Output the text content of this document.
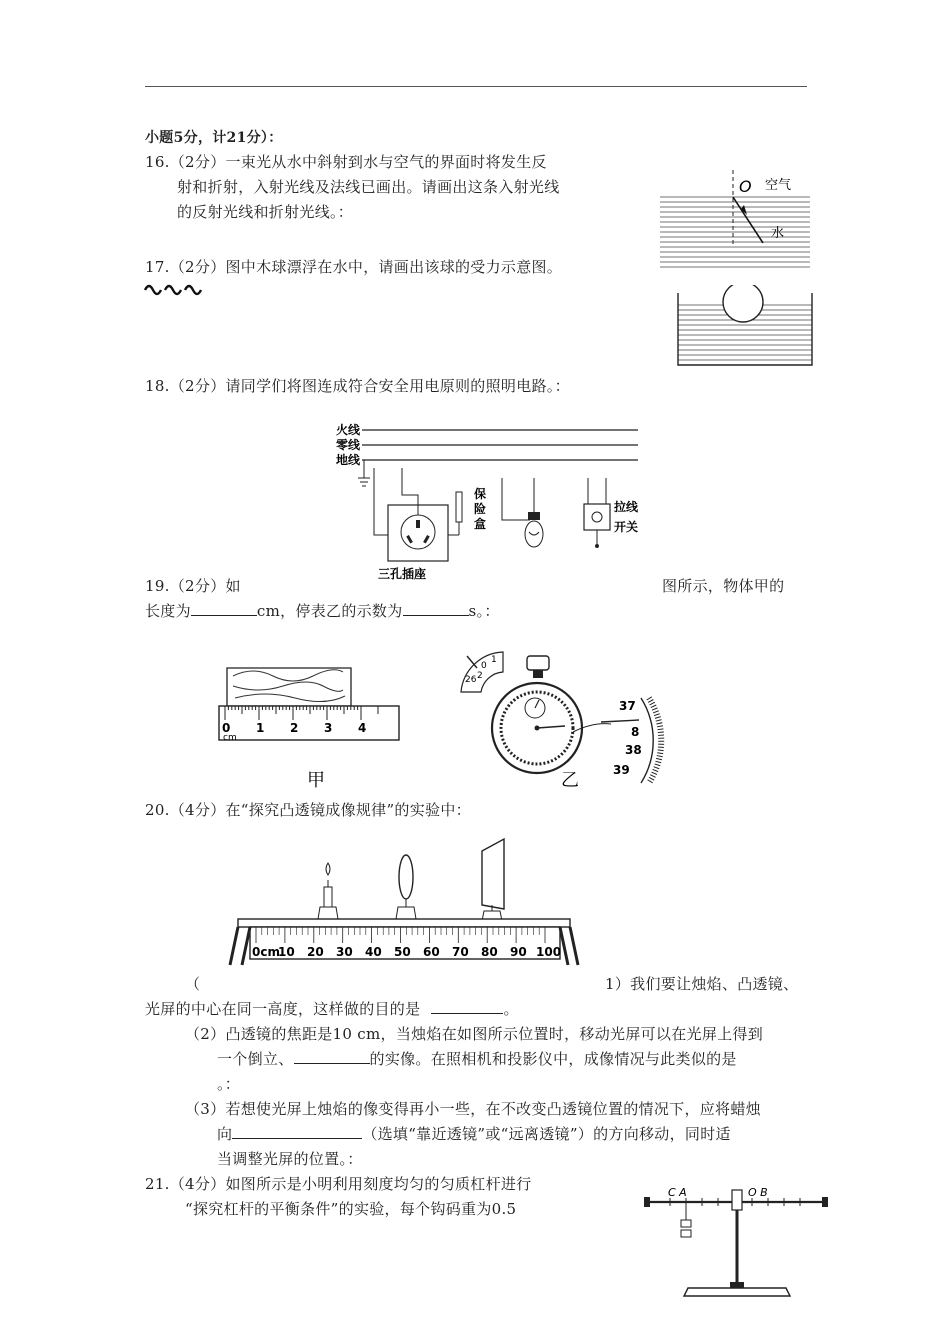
小题5分，计21分）：
16.（2分）一束光从水中斜射到水与空气的界面时将发生反
射和折射，入射光线及法线已画出。请画出这条入射光线
的反射光线和折射光线。：
O 空气
水
17.（2分）图中木球漂浮在水中，请画出该球的受力示意图。
18.（2分）请同学们将图连成符合安全用电原则的照明电路。：
火线
零线
地线
三孔插座
保
险
盒
拉线
开关
19.（2分）如	图所示，物体甲的
长度为	cm，停表乙的示数为	s。：
0 1 2 3 4
cm
甲
0
1
2
26
37
8
38
39
乙
20.（4分）在“探究凸透镜成像规律”的实验中：
0cm
10 20 30 40 50 60 70 80 90 100
（	1）我们要让烛焰、凸透镜、
光屏的中心在同一高度，这样做的目的是	。
（2）凸透镜的焦距是10 cm，当烛焰在如图所示位置时，移动光屏可以在光屏上得到
一个倒立、	的实像。在照相机和投影仪中，成像情况与此类似的是
。：
（3）若想使光屏上烛焰的像变得再小一些，在不改变凸透镜位置的情况下，应将蜡烛
向	（选填“靠近透镜”或“远离透镜”）的方向移动，同时适
当调整光屏的位置。：
21.（4分）如图所示是小明利用刻度均匀的匀质杠杆进行
“探究杠杆的平衡条件”的实验，每个钩码重为0.5
C A	O B
